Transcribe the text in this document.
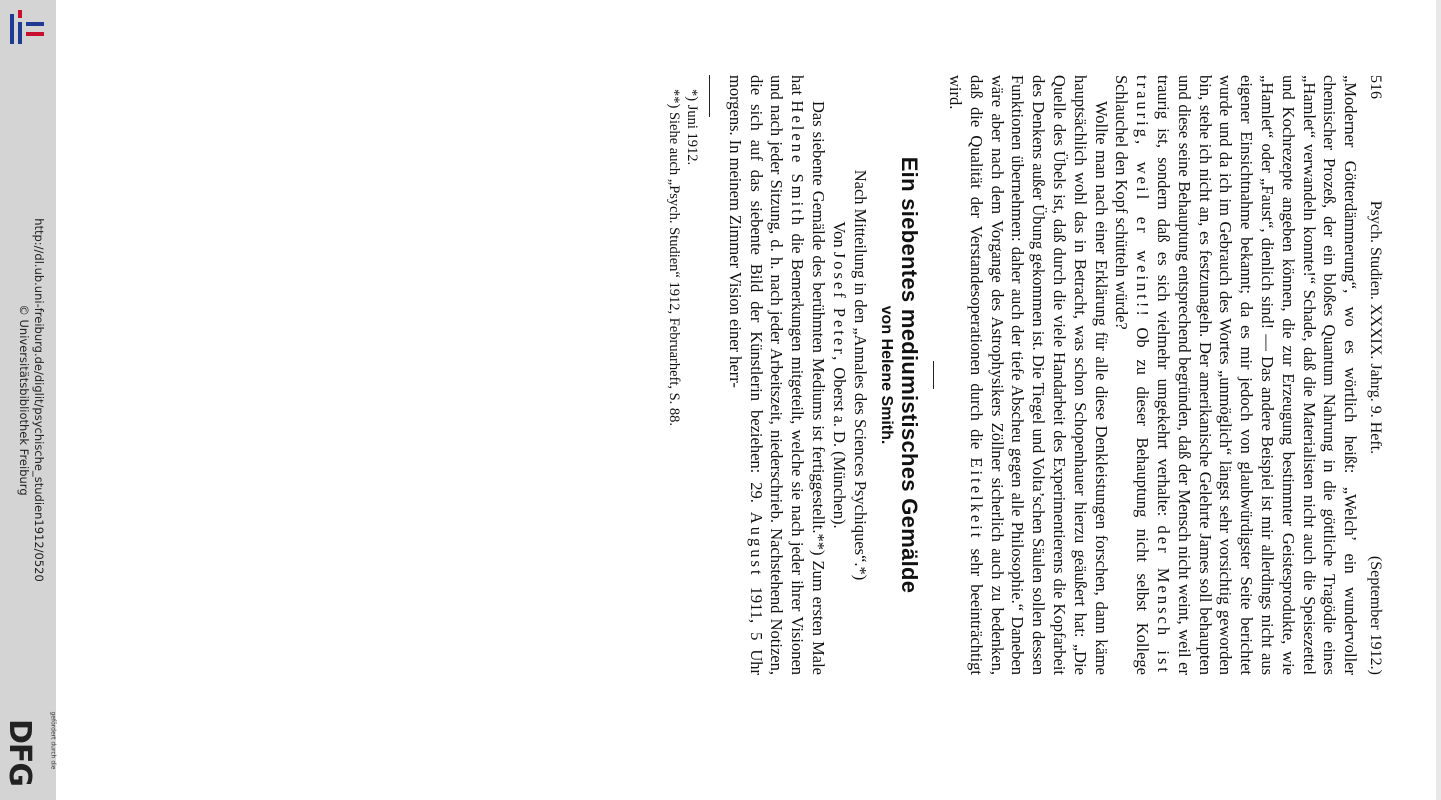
516
Psych. Studien. XXXIX. Jahrg. 9. Heft.
(September 1912.)

„Moderner Götterdämmerung“, wo es wörtlich heißt: „Welch’ ein wundervoller chemischer Prozeß, der ein bloßes Quantum Nahrung in die göttliche Tragödie eines „Hamlet“ verwandeln konnte!“ Schade, daß die Materialisten nicht auch die Speisezettel und Kochrezepte angeben können, die zur Erzeugung bestimmter Geistesprodukte, wie „Hamlet“ oder „Faust“, dienlich sind! — Das andere Beispiel ist mir allerdings nicht aus eigener Einsichtnahme bekannt; da es mir jedoch von glaubwürdigster Seite berichtet wurde und da ich im Gebrauch des Wortes „unmöglich“ längst sehr vorsichtig geworden bin, stehe ich nicht an, es festzunageln. Der amerikanische Gelehrte James soll behaupten und diese seine Behauptung entsprechend begründen, daß der Mensch nicht weint, weil er traurig ist, sondern daß es sich vielmehr umgekehrt verhalte: der Mensch ist traurig, weil er weint!! Ob zu dieser Behauptung nicht selbst Kollege Schlauchel den Kopf schütteln würde?

Wollte man nach einer Erklärung für alle diese Denkleistungen forschen, dann käme hauptsächlich wohl das in Betracht, was schon Schopenhauer hierzu geäußert hat: „Die Quelle des Übels ist, daß durch die viele Handarbeit des Experimentierens die Kopfarbeit des Denkens außer Übung gekommen ist. Die Tiegel und Volta’schen Säulen sollen dessen Funktionen übernehmen: daher auch der tiefe Abscheu gegen alle Philosophie.“ Daneben wäre aber nach dem Vorgange des Astrophysikers Zöllner sicherlich auch zu bedenken, daß die Qualität der Verstandesoperationen durch die Eitelkeit sehr beeinträchtigt wird.

Ein siebentes mediumistisches Gemälde
von Helene Smith.
Nach Mitteilung in den „Annales des Sciences Psychiques“.*)
Von Josef Peter, Oberst a. D. (München).

Das siebente Gemälde des berühmten Mediums ist fertiggestellt.**) Zum ersten Male hat Helene Smith die Bemerkungen mitgeteilt, welche sie nach jeder ihrer Visionen und nach jeder Sitzung, d. h. nach jeder Arbeitszeit, niederschrieb. Nachstehend Notizen, die sich auf das siebente Bild der Künstlerin beziehen: 29. August 1911, 5 Uhr morgens. In meinem Zimmer Vision einer herr-

*) Juni 1912.
**) Siehe auch „Psych. Studien“ 1912, Februarheft, S. 88.
http://dl.ub.uni-freiburg.de/diglit/psychische_studien1912/0520
© Universitätsbibliothek Freiburg
gefördert durch die
DFG
